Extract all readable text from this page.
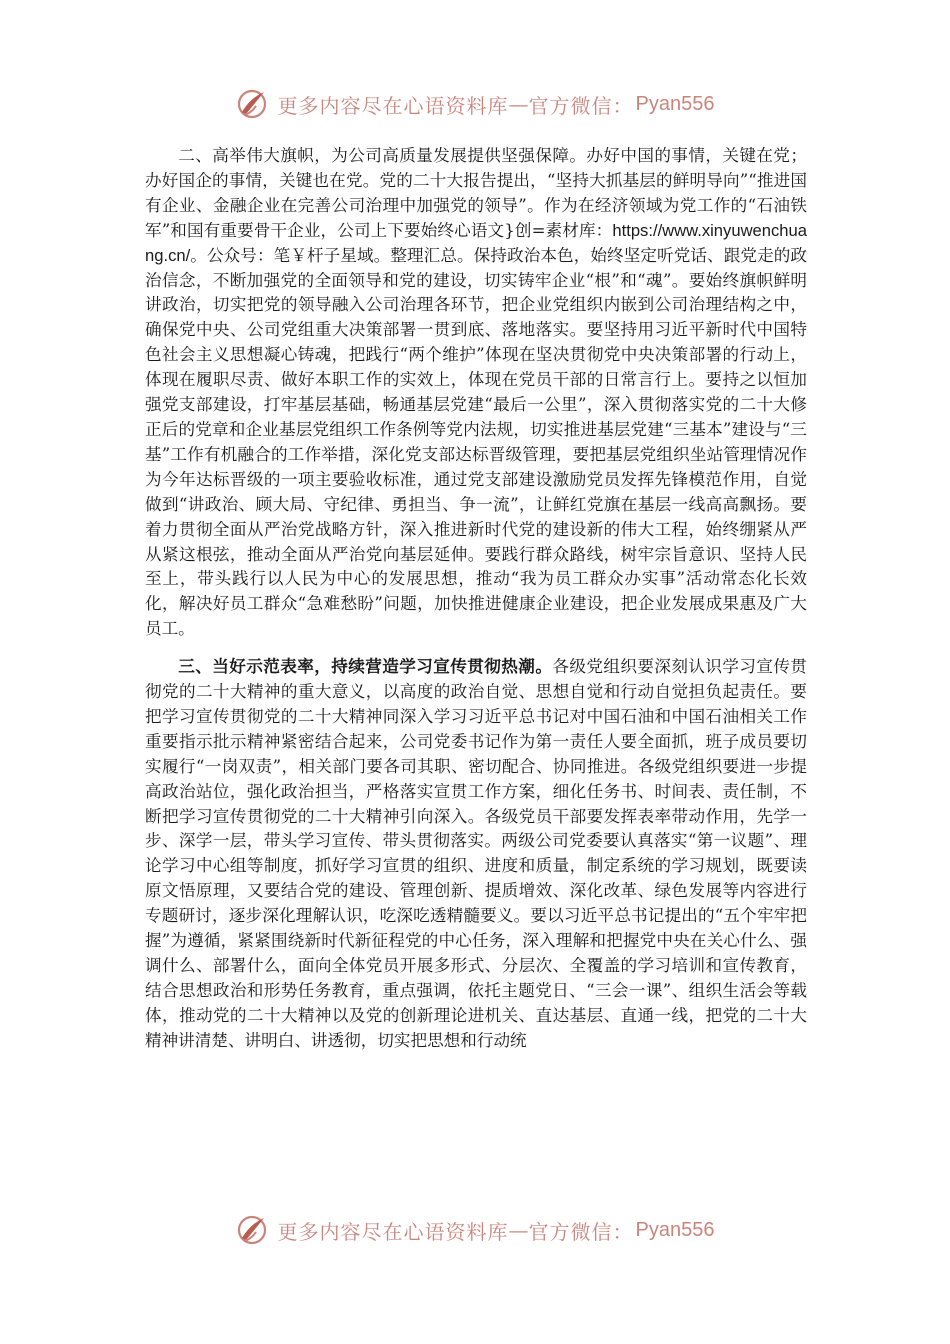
更多内容尽在心语资料库 — 官方微信： Pyan556

二、高举伟大旗帜，为公司高质量发展提供坚强保障。办好中国的事情，关键在党；办好国企的事情，关键也在党。党的二十大报告提出，“坚持大抓基层的鲜明导向”“推进国有企业、金融企业在完善公司治理中加强党的领导”。作为在经济领域为党工作的“石油铁军”和国有重要骨干企业，公司上下要始终心语文}创=素材库：https://www.xinyuwenchuang.cn/。公众号：笔￥杆子星域。整理汇总。保持政治本色，始终坚定听党话、跟党走的政治信念，不断加强党的全面领导和党的建设，切实铸牢企业“根”和“魂”。要始终旗帜鲜明讲政治，切实把党的领导融入公司治理各环节，把企业党组织内嵌到公司治理结构之中，确保党中央、公司党组重大决策部署一贯到底、落地落实。要坚持用习近平新时代中国特色社会主义思想凝心铸魂，把践行“两个维护”体现在坚决贯彻党中央决策部署的行动上，体现在履职尽责、做好本职工作的实效上，体现在党员干部的日常言行上。要持之以恒加强党支部建设，打牢基层基础，畅通基层党建“最后一公里”，深入贯彻落实党的二十大修正后的党章和企业基层党组织工作条例等党内法规，切实推进基层党建“三基本”建设与“三基”工作有机融合的工作举措，深化党支部达标晋级管理，要把基层党组织坐站管理情况作为今年达标晋级的一项主要验收标准，通过党支部建设激励党员发挥先锋模范作用，自觉做到“讲政治、顾大局、守纪律、勇担当、争一流”，让鲜红党旗在基层一线高高飘扬。要着力贯彻全面从严治党战略方针，深入推进新时代党的建设新的伟大工程，始终绷紧从严从紧这根弦，推动全面从严治党向基层延伸。要践行群众路线，树牢宗旨意识、坚持人民至上，带头践行以人民为中心的发展思想，推动“我为员工群众办实事”活动常态化长效化，解决好员工群众“急难愁盼”问题，加快推进健康企业建设，把企业发展成果惠及广大员工。

三、当好示范表率，持续营造学习宣传贯彻热潮。各级党组织要深刻认识学习宣传贯彻党的二十大精神的重大意义，以高度的政治自觉、思想自觉和行动自觉担负起责任。要把学习宣传贯彻党的二十大精神同深入学习习近平总书记对中国石油和中国石油相关工作重要指示批示精神紧密结合起来，公司党委书记作为第一责任人要全面抓，班子成员要切实履行“一岗双责”，相关部门要各司其职、密切配合、协同推进。各级党组织要进一步提高政治站位，强化政治担当，严格落实宣贯工作方案，细化任务书、时间表、责任制，不断把学习宣传贯彻党的二十大精神引向深入。各级党员干部要发挥表率带动作用，先学一步、深学一层，带头学习宣传、带头贯彻落实。两级公司党委要认真落实“第一议题”、理论学习中心组等制度，抓好学习宣贯的组织、进度和质量，制定系统的学习规划，既要读原文悟原理，又要结合党的建设、管理创新、提质增效、深化改革、绿色发展等内容进行专题研讨，逐步深化理解认识，吃深吃透精髓要义。要以习近平总书记提出的“五个牢牢把握”为遵循，紧紧围绕新时代新征程党的中心任务，深入理解和把握党中央在关心什么、强调什么、部署什么，面向全体党员开展多形式、分层次、全覆盖的学习培训和宣传教育，结合思想政治和形势任务教育，重点强调，依托主题党日、“三会一课”、组织生活会等载体，推动党的二十大精神以及党的创新理论进机关、直达基层、直通一线，把党的二十大精神讲清楚、讲明白、讲透彻，切实把思想和行动统

更多内容尽在心语资料库 — 官方微信： Pyan556
